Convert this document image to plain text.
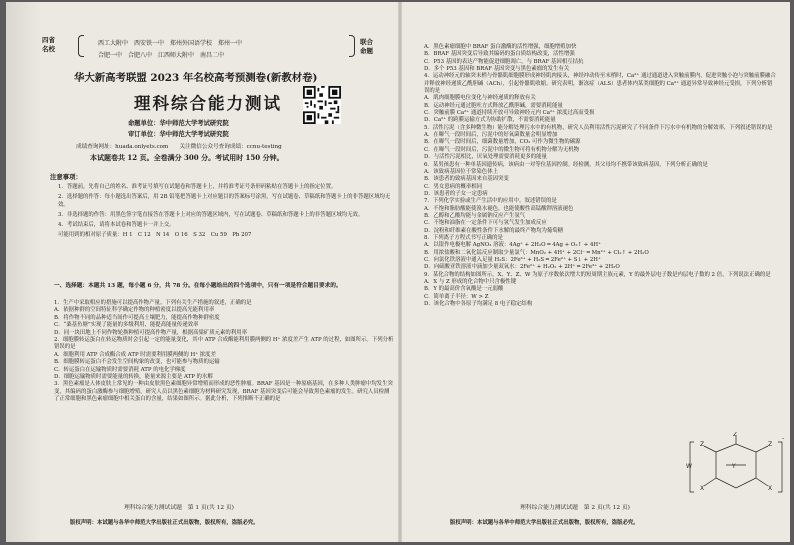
四省
名校
西工大附中　西安铁一中　郑州外国语学校　郑州一中
合肥一中　合肥八中　江西师大附中　南昌二中
联合
命题
华大新高考联盟 2023 年名校高考预测卷(新教材卷)
理科综合能力测试
命题单位：华中师范大学考试研究院
审订单位：华中师范大学考试研究院
成绩查询网址：huada.onlyets.com　　关注微信公众号查询成绩：ccnu-testing
本试题卷共 12 页。全卷满分 300 分。考试用时 150 分钟。
注意事项：

1．答题前，先将自己的姓名、准考证号填写在试题卷和答题卡上，并将准考证号条形码粘贴在答题卡上的指定位置。

2．选择题的作答：每小题选出答案后，用 2B 铅笔把答题卡上对应题目的答案标号涂黑，写在试题卷、草稿纸和答题卡上的非答题区域均无效。

3．非选择题的作答：用黑色签字笔直接答在答题卡上对应的答题区域内，写在试题卷、草稿纸和答题卡上的非答题区域均无效。

4．考试结束后，请将本试卷和答题卡一并上交。

可能用到的相对原子质量：H 1　C 12　N 14　O 16　S 32　Cu 59　Pb 207

一、选择题：本题共 13 题，每小题 6 分，共 78 分。在每小题给出的四个选项中，只有一项是符合题目要求的。

1．生产中采取相应的措施可以提高作物产量。下列有关生产措施的叙述，正确的是

A．依据种群的空间特征科学确定作物的种植密度以提高光能利用率

B．将作物不同的品种适当间作可提高土壤肥力，能提高作物种群密度

C．“桑基鱼塘”实现了能量的多级利用，能提高能量传递效率

D．同一块田地上不同作物轮换种植可提高作物产量，根据高粱矿质元素的利用率

2．细胞膜转运蛋白在转运物质时会引起一定的能量变化，其中 ATP 合成酶能利用膜两侧的 H⁺ 浓度差产生 ATP 的过程，如图所示。下列分析错误的是

A．细胞利用 ATP 合成酶合成 ATP 时需要利用膜两侧的 H⁺ 浓度差

B．细胞膜转运蛋白不会发生空间构象的改变，也可能参与物质的运输

C．转运蛋白在运输物质时需要消耗 ATP 的电化学梯度

D．细胞运输物质时需要能量的转换，能量来源主要是 ATP 的水解

3．黑色素瘤是人体皮肤上常见的一种由皮肤黑色素细胞异常增殖而形成的恶性肿瘤。BRAF 基因是一种原癌基因，在多种人类肿瘤中均发生突变，其编码的蛋白激酶参与细胞增殖。研究人员以黑色素细胞为材料研究发现，BRAF 基因突变后可能会导致黑色素瘤的发生。研究人员检测了正常细胞和黑色素瘤细胞中相关蛋白的含量，结果如图所示。据此分析，下列推断不正确的是

理科综合能力测试试题　第 1 页(共 12 页)
版权声明：本试题与各华中师范大学出版社正式出版物，版权所有，盗版必究。

A．黑色素瘤细胞中 BRAF 蛋白激酶的活性增强，细胞增殖加快

B．BRAF 基因突变后导致其编码的蛋白质结构改变，活性增强

C．P53 基因的表达产物能促进细胞凋亡，与 BRAF 基因相互拮抗

D．多个 P53 基因和 BRAF 基因突变与黑色素瘤的发生有关

4．运动神经元的轴突末梢与骨骼肌细胞膜形成神经肌肉接头，神经冲动传至末梢时，Ca²⁺ 通过通道进入突触前膜内，促进突触小泡与突触前膜融合并释放神经递质乙酰胆碱（ACh），引起骨骼肌收缩。研究表明，渐冻症（ALS）患者体内某类细胞的 Ca²⁺ 通道异常导致神经元受损，下列分析错误的是

A．肌肉细胞膜电位变化与神经递质的释放有关

B．运动神经元通过胞吐方式释放乙酰胆碱，需要消耗能量

C．突触前膜 Ca²⁺ 通道持续开放可导致神经元内 Ca²⁺ 浓度过高而受损

D．Ca²⁺ 的跨膜运输方式为协助扩散，不需要消耗能量

5．活性污泥（含多种微生物）能分解处理污水中的有机物，研究人员利用活性污泥研究了不同条件下污水中有机物的分解效率，下列叙述错误的是

A．在曝气一段时间后，污泥中的好氧菌数量会明显增加

B．在曝气一段时间后，细菌数量增加，CO₂ 可作为微生物的碳源

C．在曝气一段时间后，污泥中的微生物可将有机物分解为无机物

D．与活性污泥相比，厌氧处理需要消耗更多的能量

6．某男孩患有一种单基因遗传病，该病由一对等位基因控制。经检测，其父母均不携带该致病基因，下列分析正确的是

A．该致病基因位于常染色体上

B．该患者的致病基因来自基因突变

C．男女患病的概率相同

D．该患者的子女一定患病

7．下列化学实验或生产生活中的应用中，叙述错误的是

A．不饱和脂肪酸能使溴水褪色，也能使酸性高锰酸钾溶液褪色

B．乙醇和乙酸均能与金属钠反应产生氢气

C．不饱和油脂在一定条件下可与氢气发生加成反应

D．淀粉和纤维素在酸性条件下水解的最终产物均为葡萄糖

8．下列离子方程式书写正确的是

A．以银作电极电解 AgNO₃ 溶液：4Ag⁺ + 2H₂O ═ 4Ag + O₂↑ + 4H⁺

B．用浓盐酸和二氧化锰反应制取少量氯气：MnO₂ + 4H⁺ + 2Cl⁻ ═ Mn²⁺ + Cl₂↑ + 2H₂O

C．向氯化铁溶液中通入足量 H₂S：2Fe³⁺ + H₂S ═ 2Fe²⁺ + S↓ + 2H⁺

D．向硫酸亚铁溶液中滴加少量双氧水：2Fe²⁺ + H₂O₂ + 2H⁺ ═ 2Fe³⁺ + 2H₂O

9．某化合物的结构如图所示，X、Y、Z、W 为原子序数依次增大的短周期主族元素，Y 的最外层电子数是内层电子数的 2 倍，下列说法正确的是

A．X 与 Z 形成的化合物中只含极性键

B．Y 的最高价含氧酸是一元弱酸

C．简单离子半径：W > Z

D．该化合物中各原子均满足 8 电子稳定结构

Z
Z	Z
Y
X	X
W
-
理科综合能力测试试题　第 2 页(共 12 页)
版权声明：本试题与各华中师范大学出版社正式出版物，版权所有，盗版必究。
